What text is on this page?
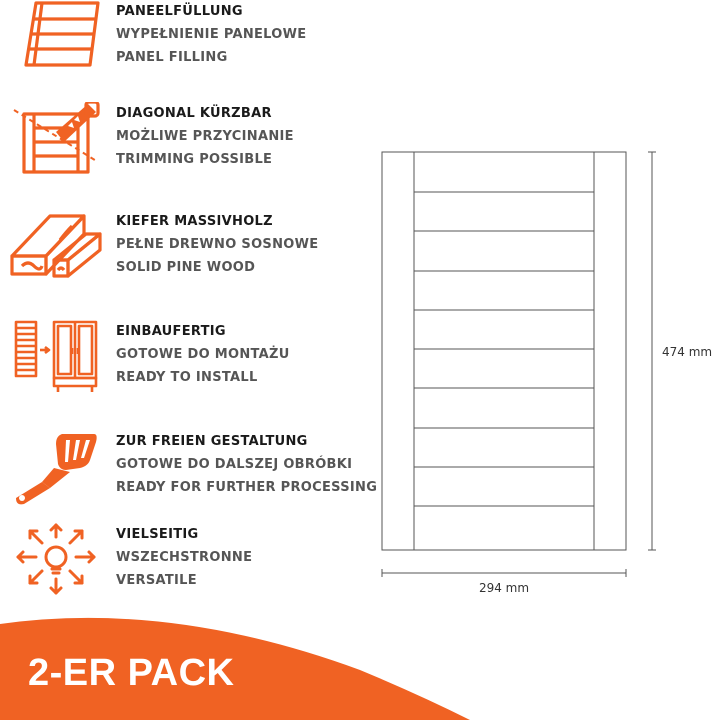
PANEELFÜLLUNG
WYPEŁNIENIE PANELOWE
PANEL FILLING
DIAGONAL KÜRZBAR
MOŻLIWE PRZYCINANIE
TRIMMING POSSIBLE
KIEFER MASSIVHOLZ
PEŁNE DREWNO SOSNOWE
SOLID PINE WOOD
EINBAUFERTIG
GOTOWE DO MONTAŻU
READY TO INSTALL
ZUR FREIEN GESTALTUNG
GOTOWE DO DALSZEJ OBRÓBKI
READY FOR FURTHER PROCESSING
VIELSEITIG
WSZECHSTRONNE
VERSATILE
474 mm
294 mm
2-ER PACK
